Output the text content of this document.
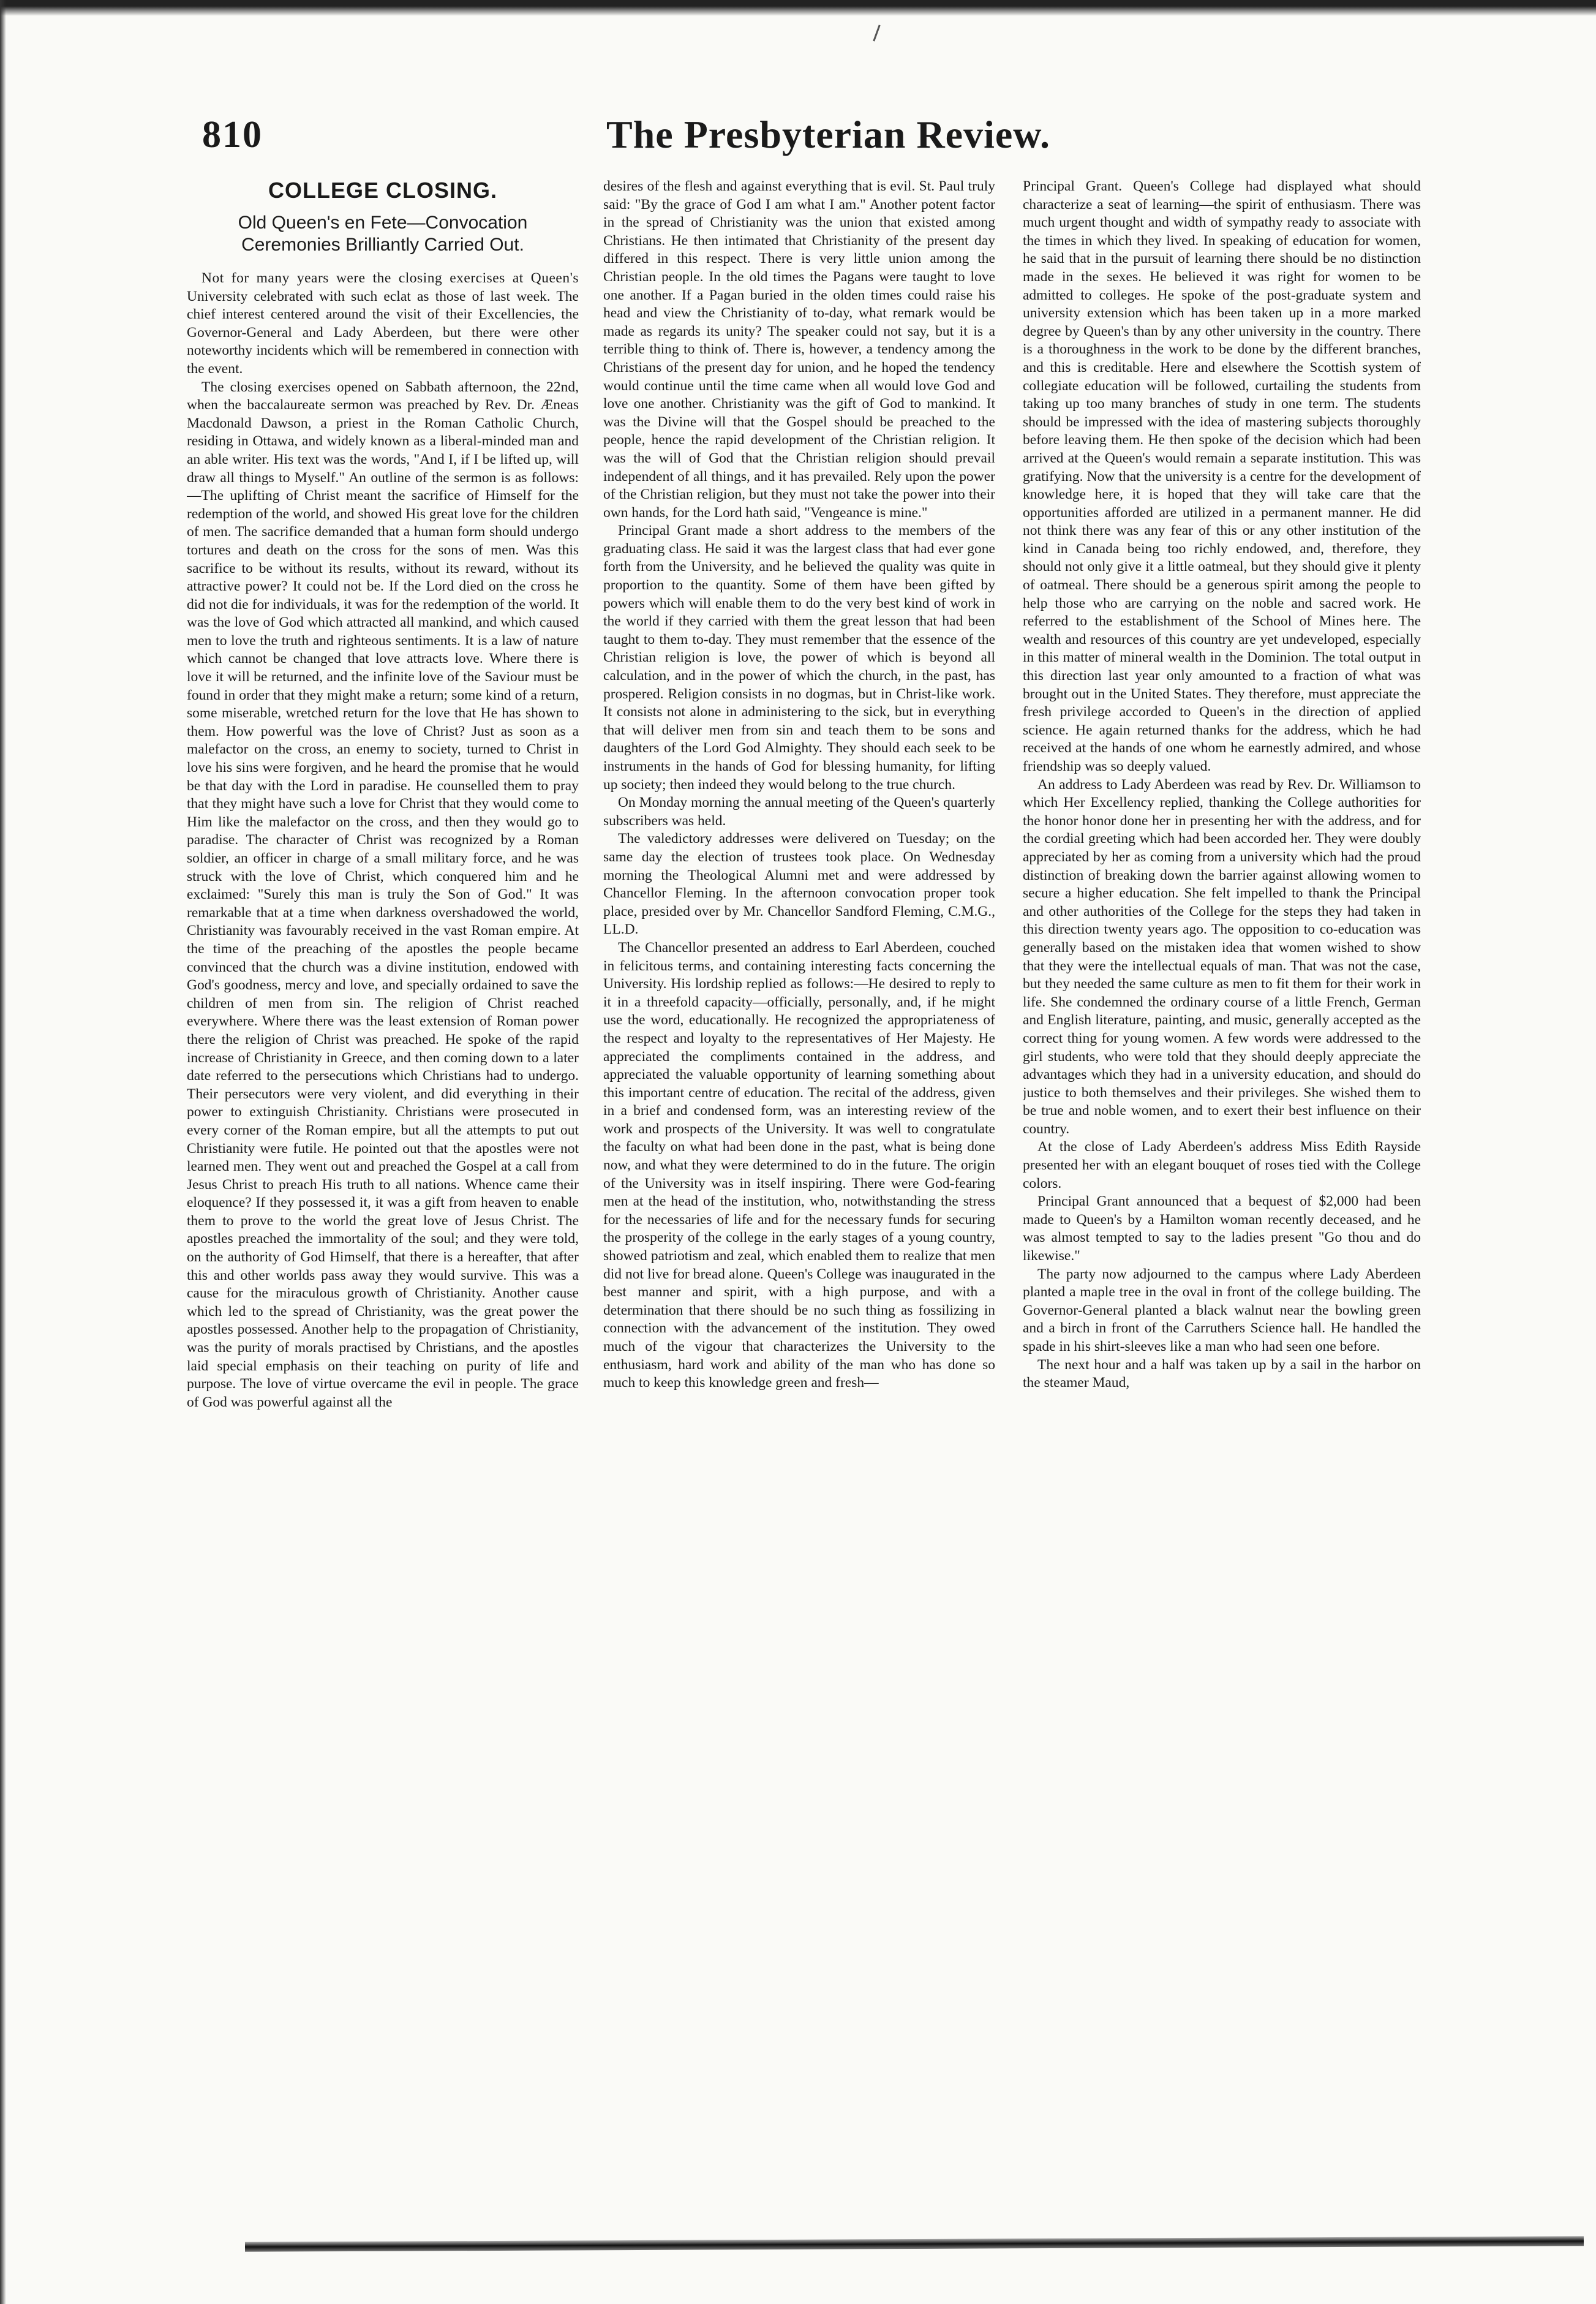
810	The Presbyterian Review.
COLLEGE CLOSING.
Old Queen's en Fete—Convocation Ceremonies Brilliantly Carried Out.

Not for many years were the closing exercises at Queen's University celebrated with such eclat as those of last week. The chief interest centered around the visit of their Excellencies, the Governor-General and Lady Aberdeen, but there were other noteworthy incidents which will be remembered in connection with the event.

The closing exercises opened on Sabbath afternoon, the 22nd, when the baccalaureate sermon was preached by Rev. Dr. Æneas Macdonald Dawson, a priest in the Roman Catholic Church, residing in Ottawa, and widely known as a liberal-minded man and an able writer. His text was the words, "And I, if I be lifted up, will draw all things to Myself." An outline of the sermon is as follows:—The uplifting of Christ meant the sacrifice of Himself for the redemption of the world, and showed His great love for the children of men. The sacrifice demanded that a human form should undergo tortures and death on the cross for the sons of men. Was this sacrifice to be without its results, without its reward, without its attractive power? It could not be. If the Lord died on the cross he did not die for individuals, it was for the redemption of the world. It was the love of God which attracted all mankind, and which caused men to love the truth and righteous sentiments. It is a law of nature which cannot be changed that love attracts love. Where there is love it will be returned, and the infinite love of the Saviour must be found in order that they might make a return; some kind of a return, some miserable, wretched return for the love that He has shown to them. How powerful was the love of Christ? Just as soon as a malefactor on the cross, an enemy to society, turned to Christ in love his sins were forgiven, and he heard the promise that he would be that day with the Lord in paradise. He counselled them to pray that they might have such a love for Christ that they would come to Him like the malefactor on the cross, and then they would go to paradise. The character of Christ was recognized by a Roman soldier, an officer in charge of a small military force, and he was struck with the love of Christ, which conquered him and he exclaimed: "Surely this man is truly the Son of God." It was remarkable that at a time when darkness overshadowed the world, Christianity was favourably received in the vast Roman empire. At the time of the preaching of the apostles the people became convinced that the church was a divine institution, endowed with God's goodness, mercy and love, and specially ordained to save the children of men from sin. The religion of Christ reached everywhere. Where there was the least extension of Roman power there the religion of Christ was preached. He spoke of the rapid increase of Christianity in Greece, and then coming down to a later date referred to the persecutions which Christians had to undergo. Their persecutors were very violent, and did everything in their power to extinguish Christianity. Christians were prosecuted in every corner of the Roman empire, but all the attempts to put out Christianity were futile. He pointed out that the apostles were not learned men. They went out and preached the Gospel at a call from Jesus Christ to preach His truth to all nations. Whence came their eloquence? If they possessed it, it was a gift from heaven to enable them to prove to the world the great love of Jesus Christ. The apostles preached the immortality of the soul; and they were told, on the authority of God Himself, that there is a hereafter, that after this and other worlds pass away they would survive. This was a cause for the miraculous growth of Christianity. Another cause which led to the spread of Christianity, was the great power the apostles possessed. Another help to the propagation of Christianity, was the purity of morals practised by Christians, and the apostles laid special emphasis on their teaching on purity of life and purpose. The love of virtue overcame the evil in people. The grace of God was powerful against all the

desires of the flesh and against everything that is evil. St. Paul truly said: "By the grace of God I am what I am." Another potent factor in the spread of Christianity was the union that existed among Christians. He then intimated that Christianity of the present day differed in this respect. There is very little union among the Christian people. In the old times the Pagans were taught to love one another. If a Pagan buried in the olden times could raise his head and view the Christianity of to-day, what remark would be made as regards its unity? The speaker could not say, but it is a terrible thing to think of. There is, however, a tendency among the Christians of the present day for union, and he hoped the tendency would continue until the time came when all would love God and love one another. Christianity was the gift of God to mankind. It was the Divine will that the Gospel should be preached to the people, hence the rapid development of the Christian religion. It was the will of God that the Christian religion should prevail independent of all things, and it has prevailed. Rely upon the power of the Christian religion, but they must not take the power into their own hands, for the Lord hath said, "Vengeance is mine."

Principal Grant made a short address to the members of the graduating class. He said it was the largest class that had ever gone forth from the University, and he believed the quality was quite in proportion to the quantity. Some of them have been gifted by powers which will enable them to do the very best kind of work in the world if they carried with them the great lesson that had been taught to them to-day. They must remember that the essence of the Christian religion is love, the power of which is beyond all calculation, and in the power of which the church, in the past, has prospered. Religion consists in no dogmas, but in Christ-like work. It consists not alone in administering to the sick, but in everything that will deliver men from sin and teach them to be sons and daughters of the Lord God Almighty. They should each seek to be instruments in the hands of God for blessing humanity, for lifting up society; then indeed they would belong to the true church.

On Monday morning the annual meeting of the Queen's quarterly subscribers was held.

The valedictory addresses were delivered on Tuesday; on the same day the election of trustees took place. On Wednesday morning the Theological Alumni met and were addressed by Chancellor Fleming. In the afternoon convocation proper took place, presided over by Mr. Chancellor Sandford Fleming, C.M.G., LL.D.

The Chancellor presented an address to Earl Aberdeen, couched in felicitous terms, and containing interesting facts concerning the University. His lordship replied as follows:—He desired to reply to it in a threefold capacity—officially, personally, and, if he might use the word, educationally. He recognized the appropriateness of the respect and loyalty to the representatives of Her Majesty. He appreciated the compliments contained in the address, and appreciated the valuable opportunity of learning something about this important centre of education. The recital of the address, given in a brief and condensed form, was an interesting review of the work and prospects of the University. It was well to congratulate the faculty on what had been done in the past, what is being done now, and what they were determined to do in the future. The origin of the University was in itself inspiring. There were God-fearing men at the head of the institution, who, notwithstanding the stress for the necessaries of life and for the necessary funds for securing the prosperity of the college in the early stages of a young country, showed patriotism and zeal, which enabled them to realize that men did not live for bread alone. Queen's College was inaugurated in the best manner and spirit, with a high purpose, and with a determination that there should be no such thing as fossilizing in connection with the advancement of the institution. They owed much of the vigour that characterizes the University to the enthusiasm, hard work and ability of the man who has done so much to keep this knowledge green and fresh—

Principal Grant. Queen's College had displayed what should characterize a seat of learning—the spirit of enthusiasm. There was much urgent thought and width of sympathy ready to associate with the times in which they lived. In speaking of education for women, he said that in the pursuit of learning there should be no distinction made in the sexes. He believed it was right for women to be admitted to colleges. He spoke of the post-graduate system and university extension which has been taken up in a more marked degree by Queen's than by any other university in the country. There is a thoroughness in the work to be done by the different branches, and this is creditable. Here and elsewhere the Scottish system of collegiate education will be followed, curtailing the students from taking up too many branches of study in one term. The students should be impressed with the idea of mastering subjects thoroughly before leaving them. He then spoke of the decision which had been arrived at the Queen's would remain a separate institution. This was gratifying. Now that the university is a centre for the development of knowledge here, it is hoped that they will take care that the opportunities afforded are utilized in a permanent manner. He did not think there was any fear of this or any other institution of the kind in Canada being too richly endowed, and, therefore, they should not only give it a little oatmeal, but they should give it plenty of oatmeal. There should be a generous spirit among the people to help those who are carrying on the noble and sacred work. He referred to the establishment of the School of Mines here. The wealth and resources of this country are yet undeveloped, especially in this matter of mineral wealth in the Dominion. The total output in this direction last year only amounted to a fraction of what was brought out in the United States. They therefore, must appreciate the fresh privilege accorded to Queen's in the direction of applied science. He again returned thanks for the address, which he had received at the hands of one whom he earnestly admired, and whose friendship was so deeply valued.

An address to Lady Aberdeen was read by Rev. Dr. Williamson to which Her Excellency replied, thanking the College authorities for the honor honor done her in presenting her with the address, and for the cordial greeting which had been accorded her. They were doubly appreciated by her as coming from a university which had the proud distinction of breaking down the barrier against allowing women to secure a higher education. She felt impelled to thank the Principal and other authorities of the College for the steps they had taken in this direction twenty years ago. The opposition to co-education was generally based on the mistaken idea that women wished to show that they were the intellectual equals of man. That was not the case, but they needed the same culture as men to fit them for their work in life. She condemned the ordinary course of a little French, German and English literature, painting, and music, generally accepted as the correct thing for young women. A few words were addressed to the girl students, who were told that they should deeply appreciate the advantages which they had in a university education, and should do justice to both themselves and their privileges. She wished them to be true and noble women, and to exert their best influence on their country.

At the close of Lady Aberdeen's address Miss Edith Rayside presented her with an elegant bouquet of roses tied with the College colors.

Principal Grant announced that a bequest of $2,000 had been made to Queen's by a Hamilton woman recently deceased, and he was almost tempted to say to the ladies present "Go thou and do likewise."

The party now adjourned to the campus where Lady Aberdeen planted a maple tree in the oval in front of the college building. The Governor-General planted a black walnut near the bowling green and a birch in front of the Carruthers Science hall. He handled the spade in his shirt-sleeves like a man who had seen one before.

The next hour and a half was taken up by a sail in the harbor on the steamer Maud,
